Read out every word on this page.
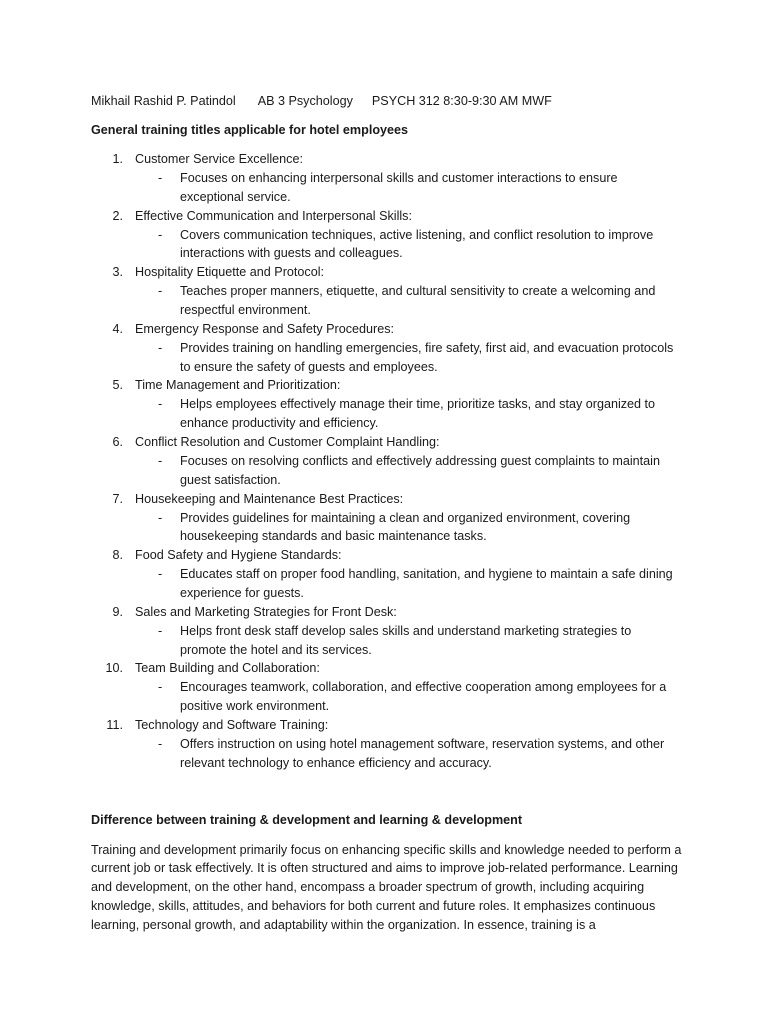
Mikhail Rashid P. Patindol AB 3 Psychology PSYCH 312 8:30-9:30 AM MWF
General training titles applicable for hotel employees
1. Customer Service Excellence:
- Focuses on enhancing interpersonal skills and customer interactions to ensure exceptional service.
2. Effective Communication and Interpersonal Skills:
- Covers communication techniques, active listening, and conflict resolution to improve interactions with guests and colleagues.
3. Hospitality Etiquette and Protocol:
- Teaches proper manners, etiquette, and cultural sensitivity to create a welcoming and respectful environment.
4. Emergency Response and Safety Procedures:
- Provides training on handling emergencies, fire safety, first aid, and evacuation protocols to ensure the safety of guests and employees.
5. Time Management and Prioritization:
- Helps employees effectively manage their time, prioritize tasks, and stay organized to enhance productivity and efficiency.
6. Conflict Resolution and Customer Complaint Handling:
- Focuses on resolving conflicts and effectively addressing guest complaints to maintain guest satisfaction.
7. Housekeeping and Maintenance Best Practices:
- Provides guidelines for maintaining a clean and organized environment, covering housekeeping standards and basic maintenance tasks.
8. Food Safety and Hygiene Standards:
- Educates staff on proper food handling, sanitation, and hygiene to maintain a safe dining experience for guests.
9. Sales and Marketing Strategies for Front Desk:
- Helps front desk staff develop sales skills and understand marketing strategies to promote the hotel and its services.
10. Team Building and Collaboration:
- Encourages teamwork, collaboration, and effective cooperation among employees for a positive work environment.
11. Technology and Software Training:
- Offers instruction on using hotel management software, reservation systems, and other relevant technology to enhance efficiency and accuracy.
Difference between training & development and learning & development

Training and development primarily focus on enhancing specific skills and knowledge needed to perform a current job or task effectively. It is often structured and aims to improve job-related performance. Learning and development, on the other hand, encompass a broader spectrum of growth, including acquiring knowledge, skills, attitudes, and behaviors for both current and future roles. It emphasizes continuous learning, personal growth, and adaptability within the organization. In essence, training is a
